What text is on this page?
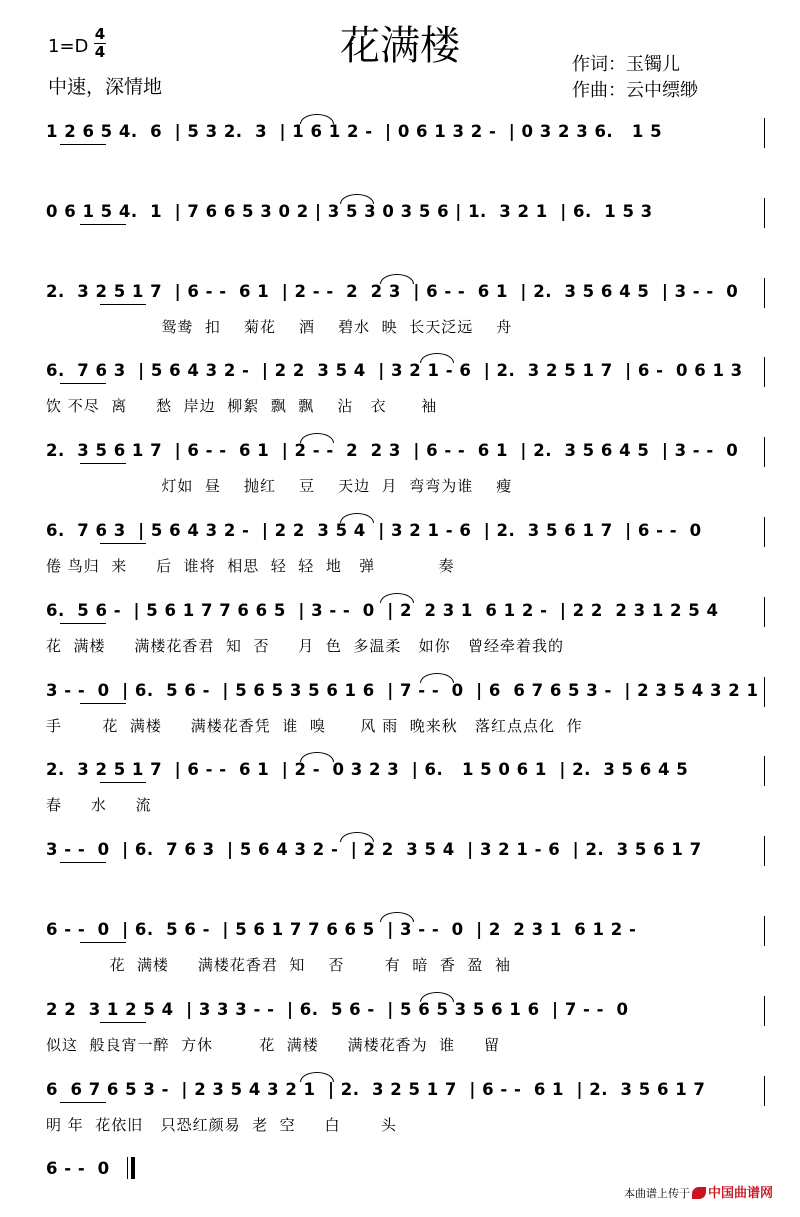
花满楼
1=D
4
4
中速，深情地
作词：玉镯儿
作曲：云中缥缈
1 2 6 5 4.  6  | 5 3 2.  3  | 1 6 1 2 -  | 0 6 1 3 2 -  | 0 3 2 3 6.   1 5
0 6 1 5 4.  1  | 7 6 6 5 3 0 2 | 3 5 3 0 3 5 6 | 1.  3 2 1  | 6.  1 5 3
2.  3 2 5 1 7  | 6 - -  6 1  | 2 - -  2  2 3  | 6 - -  6 1  | 2.  3 5 6 4 5  | 3 - -  0
鸳鸯  扣    菊花    酒    碧水  映  长天泛远    舟
6.  7 6 3  | 5 6 4 3 2 -  | 2 2  3 5 4  | 3 2 1 - 6  | 2.  3 2 5 1 7  | 6 -  0 6 1 3
饮 不尽  离     愁  岸边  柳絮  飘  飘    沾   衣      袖
2.  3 5 6 1 7  | 6 - -  6 1  | 2 - -  2  2 3  | 6 - -  6 1  | 2.  3 5 6 4 5  | 3 - -  0
灯如  昼    抛红    豆    天边  月  弯弯为谁    瘦
6.  7 6 3  | 5 6 4 3 2 -  | 2 2  3 5 4  | 3 2 1 - 6  | 2.  3 5 6 1 7  | 6 - -  0
倦 鸟归  来     后  谁将  相思  轻  轻  地   弹           奏
6.  5 6 -  | 5 6 1 7 7 6 6 5  | 3 - -  0  | 2  2 3 1  6 1 2 -  | 2 2  2 3 1 2 5 4
花  满楼     满楼花香君  知  否     月  色  多温柔   如你   曾经牵着我的
3 - -  0  | 6.  5 6 -  | 5 6 5 3 5 6 1 6  | 7 - -  0  | 6  6 7 6 5 3 -  | 2 3 5 4 3 2 1
手       花  满楼     满楼花香凭  谁  嗅      风 雨  晚来秋   落红点点化  作
2.  3 2 5 1 7  | 6 - -  6 1  | 2 -  0 3 2 3  | 6.   1 5 0 6 1  | 2.  3 5 6 4 5
春     水     流
3 - -  0  | 6.  7 6 3  | 5 6 4 3 2 -  | 2 2  3 5 4  | 3 2 1 - 6  | 2.  3 5 6 1 7
6 - -  0  | 6.  5 6 -  | 5 6 1 7 7 6 6 5  | 3 - -  0  | 2  2 3 1  6 1 2 -
花  满楼     满楼花香君  知    否       有  暗  香  盈  袖
2 2  3 1 2 5 4  | 3 3 3 - -  | 6.  5 6 -  | 5 6 5 3 5 6 1 6  | 7 - -  0
似这  般良宵一醉  方休        花  满楼     满楼花香为  谁     留
6  6 7 6 5 3 -  | 2 3 5 4 3 2 1  | 2.  3 2 5 1 7  | 6 - -  6 1  | 2.  3 5 6 1 7
明 年  花依旧   只恐红颜易  老  空     白       头
6 - -  0
本曲谱上传于 中国曲谱网
